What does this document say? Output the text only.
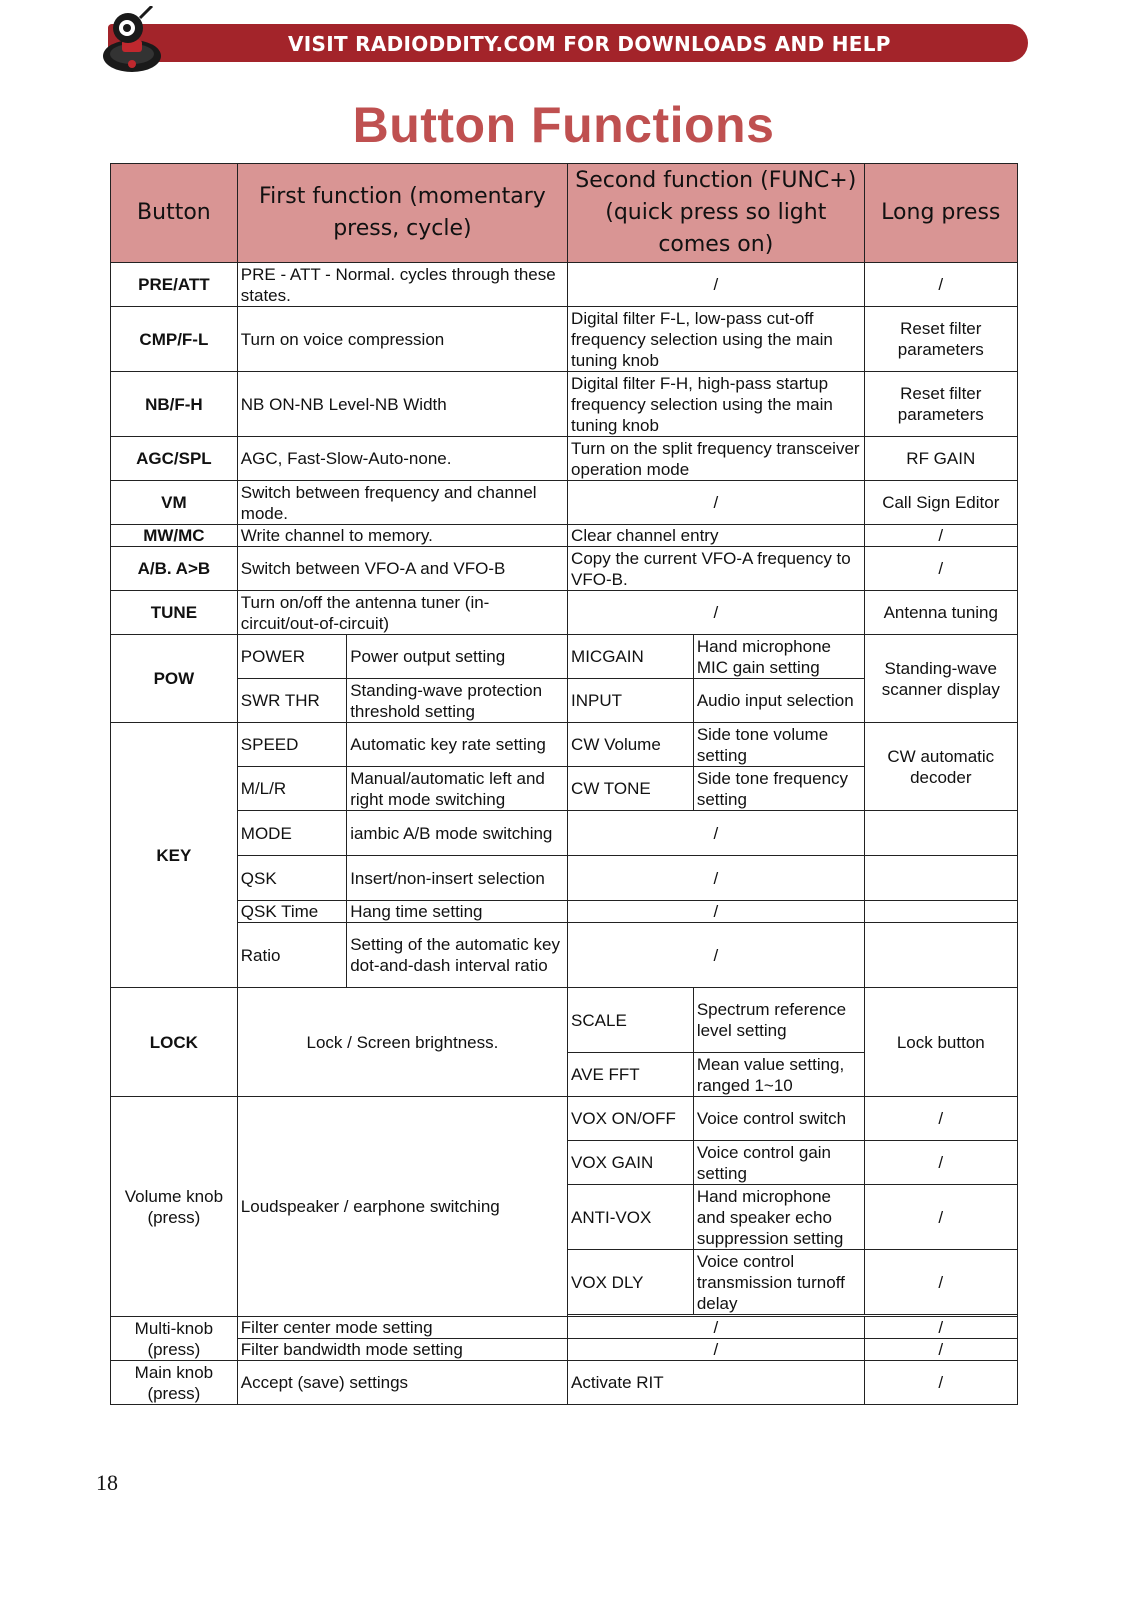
VISIT RADIODDITY.COM FOR DOWNLOADS AND HELP
Button Functions
Button	First function (momentary press, cycle)		Second function (FUNC+) (quick press so light comes on)		Long press
PRE/ATT	PRE - ATT - Normal. cycles through these states.		/		/
CMP/F-L	Turn on voice compression		Digital filter F-L, low-pass cut-off frequency selection using the main tuning knob		Reset filter parameters
NB/F-H	NB ON-NB Level-NB Width		Digital filter F-H, high-pass startup frequency selection using the main tuning knob		Reset filter parameters
AGC/SPL	AGC, Fast-Slow-Auto-none.		Turn on the split frequency transceiver operation mode		RF GAIN
VM	Switch between frequency and channel mode.		/		Call Sign Editor
MW/MC	Write channel to memory.		Clear channel entry		/
A/B. A>B	Switch between VFO-A and VFO-B		Copy the current VFO-A frequency to VFO-B.		/
TUNE	Turn on/off the antenna tuner (in-circuit/out-of-circuit)		/		Antenna tuning
POW	POWER	Power output setting	MICGAIN	Hand microphone MIC gain setting	Standing-wave scanner display
	SWR THR	Standing-wave protection threshold setting	INPUT	Audio input selection	
KEY	SPEED	Automatic key rate setting	CW Volume	Side tone volume setting	CW automatic decoder
	M/L/R	Manual/automatic left and right mode switching	CW TONE	Side tone frequency setting	
	MODE	iambic A/B mode switching	/		
	QSK	Insert/non-insert selection	/		
	QSK Time	Hang time setting	/		
	Ratio	Setting of the automatic key dot-and-dash interval ratio	/		
LOCK	Lock / Screen brightness.		SCALE	Spectrum reference level setting	Lock button
			AVE FFT	Mean value setting, ranged 1~10	
Volume knob (press)	Loudspeaker / earphone switching		VOX ON/OFF	Voice control switch	/
			VOX GAIN	Voice control gain setting	/
			ANTI-VOX	Hand microphone and speaker echo suppression setting	/
			VOX DLY	Voice control transmission turnoff delay	/

Multi-knob (press)	Filter center mode setting		/		/
	Filter bandwidth mode setting		/		/
Main knob (press)	Accept (save) settings		Activate RIT		/
18
